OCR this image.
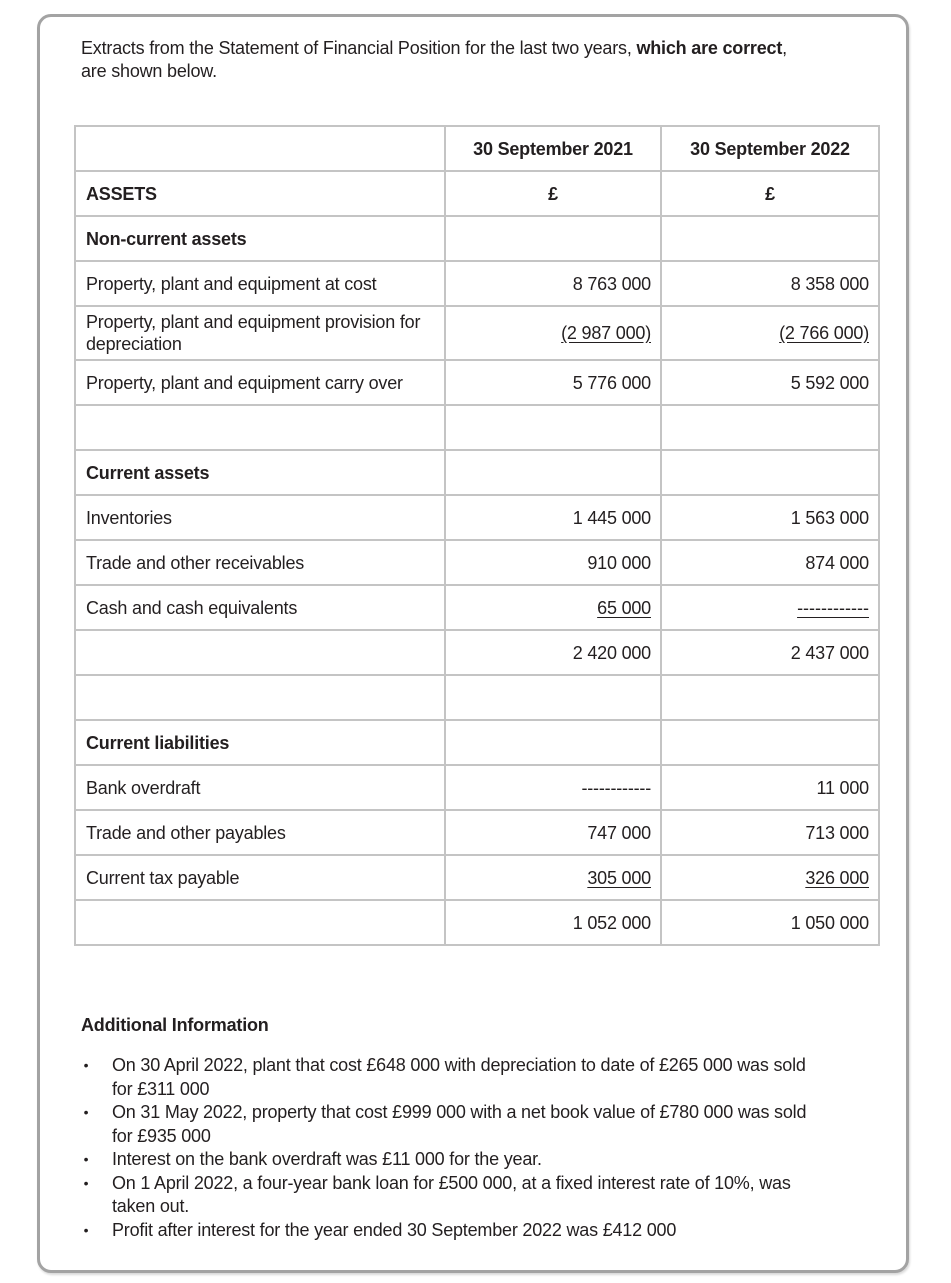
Extracts from the Statement of Financial Position for the last two years, which are correct, are shown below.

	30 September 2021	30 September 2022
ASSETS	£	£
Non-current assets		
Property, plant and equipment at cost	8 763 000	8 358 000
Property, plant and equipment provision for depreciation	(2 987 000)	(2 766 000)
Property, plant and equipment carry over	5 776 000	5 592 000

Current assets		
Inventories	1 445 000	1 563 000
Trade and other receivables	910 000	874 000
Cash and cash equivalents	65 000	------------
	2 420 000	2 437 000

Current liabilities		
Bank overdraft	------------	11 000
Trade and other payables	747 000	713 000
Current tax payable	305 000	326 000
	1 052 000	1 050 000
Additional Information
• On 30 April 2022, plant that cost £648 000 with depreciation to date of £265 000 was sold for £311 000
• On 31 May 2022, property that cost £999 000 with a net book value of £780 000 was sold for £935 000
• Interest on the bank overdraft was £11 000 for the year.
• On 1 April 2022, a four-year bank loan for £500 000, at a fixed interest rate of 10%, was taken out.
• Profit after interest for the year ended 30 September 2022 was £412 000
